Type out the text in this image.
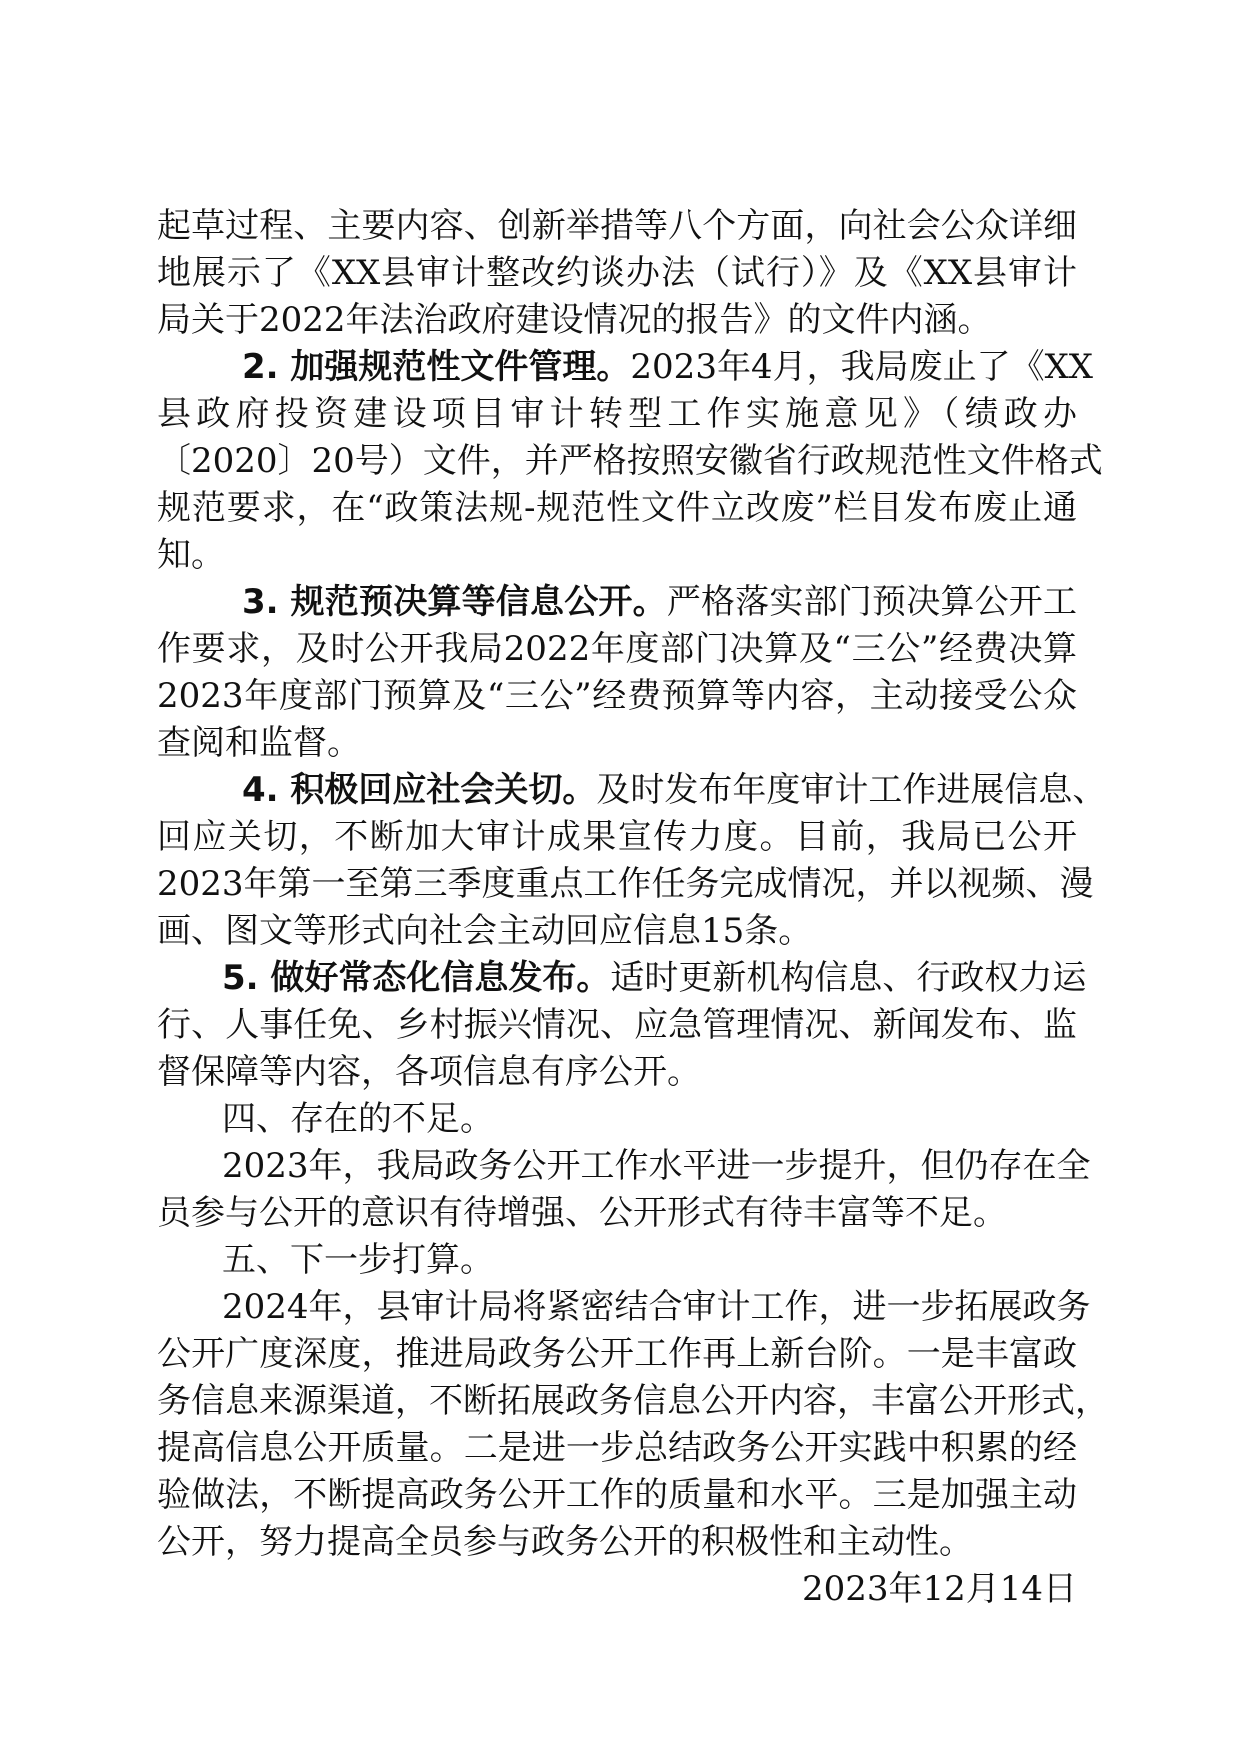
起草过程、主要内容、创新举措等八个方面，向社会公众详细
地展示了《XX县审计整改约谈办法（试行）》及《XX县审计
局关于2022年法治政府建设情况的报告》的文件内涵。
2. 加强规范性文件管理。2023年4月，我局废止了《XX
县政府投资建设项目审计转型工作实施意见》（绩政办
〔2020〕20号）文件，并严格按照安徽省行政规范性文件格式
规范要求，在“政策法规-规范性文件立改废”栏目发布废止通
知。
3. 规范预决算等信息公开。严格落实部门预决算公开工
作要求，及时公开我局2022年度部门决算及“三公”经费决算
2023年度部门预算及“三公”经费预算等内容，主动接受公众
查阅和监督。
4. 积极回应社会关切。及时发布年度审计工作进展信息、
回应关切，不断加大审计成果宣传力度。目前，我局已公开
2023年第一至第三季度重点工作任务完成情况，并以视频、漫
画、图文等形式向社会主动回应信息15条。
5. 做好常态化信息发布。适时更新机构信息、行政权力运
行、人事任免、乡村振兴情况、应急管理情况、新闻发布、监
督保障等内容，各项信息有序公开。
四、存在的不足。
2023年，我局政务公开工作水平进一步提升，但仍存在全
员参与公开的意识有待增强、公开形式有待丰富等不足。
五、下一步打算。
2024年，县审计局将紧密结合审计工作，进一步拓展政务
公开广度深度，推进局政务公开工作再上新台阶。一是丰富政
务信息来源渠道，不断拓展政务信息公开内容，丰富公开形式，
提高信息公开质量。二是进一步总结政务公开实践中积累的经
验做法，不断提高政务公开工作的质量和水平。三是加强主动
公开，努力提高全员参与政务公开的积极性和主动性。
2023年12月14日
